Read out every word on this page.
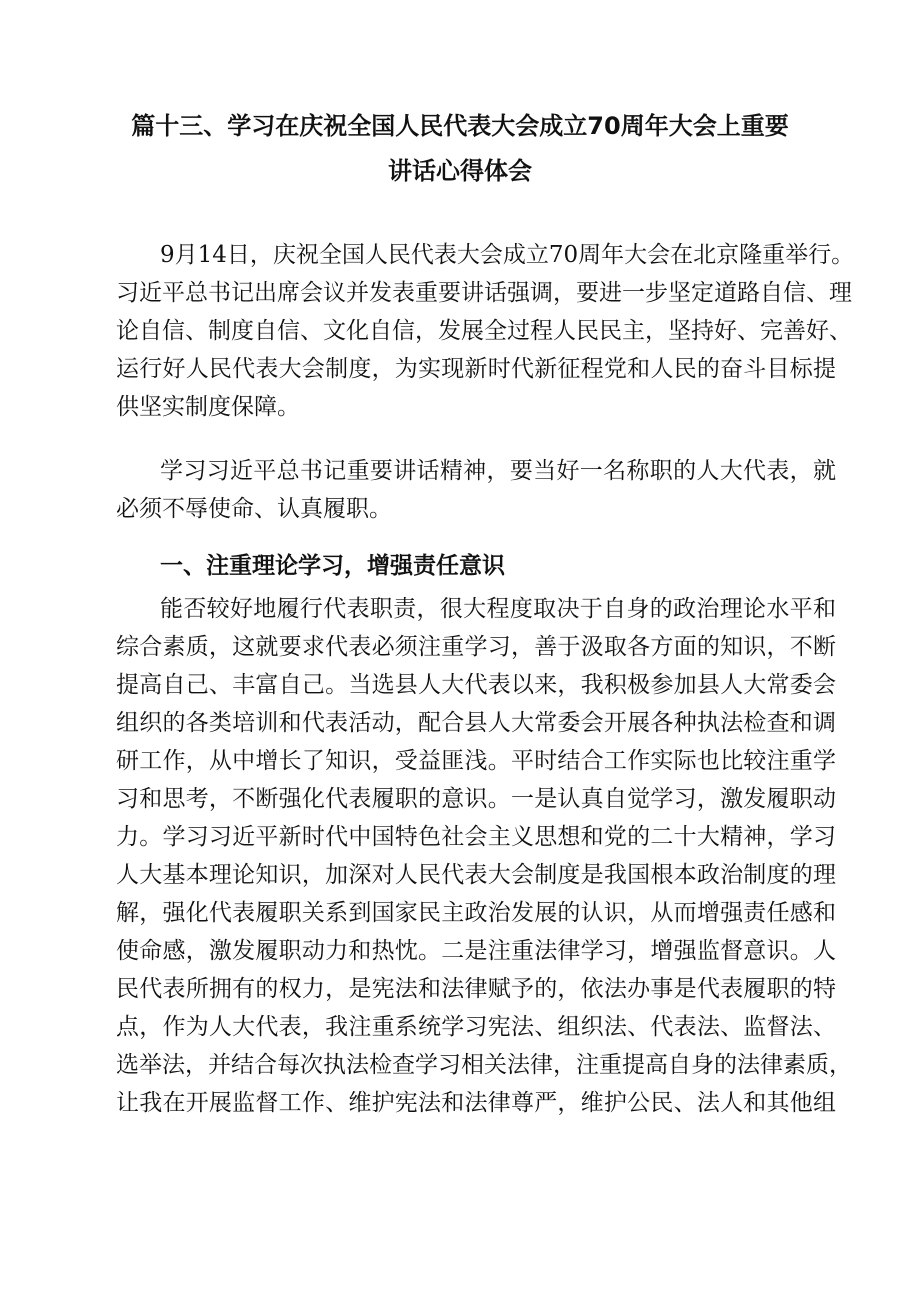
篇十三、学习在庆祝全国人民代表大会成立70周年大会上重要
讲话心得体会
9月14日，庆祝全国人民代表大会成立70周年大会在北京隆重举行。
习近平总书记出席会议并发表重要讲话强调，要进一步坚定道路自信、理
论自信、制度自信、文化自信，发展全过程人民民主，坚持好、完善好、
运行好人民代表大会制度，为实现新时代新征程党和人民的奋斗目标提
供坚实制度保障。
学习习近平总书记重要讲话精神，要当好一名称职的人大代表，就
必须不辱使命、认真履职。
一、注重理论学习，增强责任意识
能否较好地履行代表职责，很大程度取决于自身的政治理论水平和
综合素质，这就要求代表必须注重学习，善于汲取各方面的知识，不断
提高自己、丰富自己。当选县人大代表以来，我积极参加县人大常委会
组织的各类培训和代表活动，配合县人大常委会开展各种执法检查和调
研工作，从中增长了知识，受益匪浅。平时结合工作实际也比较注重学
习和思考，不断强化代表履职的意识。一是认真自觉学习，激发履职动
力。学习习近平新时代中国特色社会主义思想和党的二十大精神，学习
人大基本理论知识，加深对人民代表大会制度是我国根本政治制度的理
解，强化代表履职关系到国家民主政治发展的认识，从而增强责任感和
使命感，激发履职动力和热忱。二是注重法律学习，增强监督意识。人
民代表所拥有的权力，是宪法和法律赋予的，依法办事是代表履职的特
点，作为人大代表，我注重系统学习宪法、组织法、代表法、监督法、
选举法，并结合每次执法检查学习相关法律，注重提高自身的法律素质，
让我在开展监督工作、维护宪法和法律尊严，维护公民、法人和其他组
